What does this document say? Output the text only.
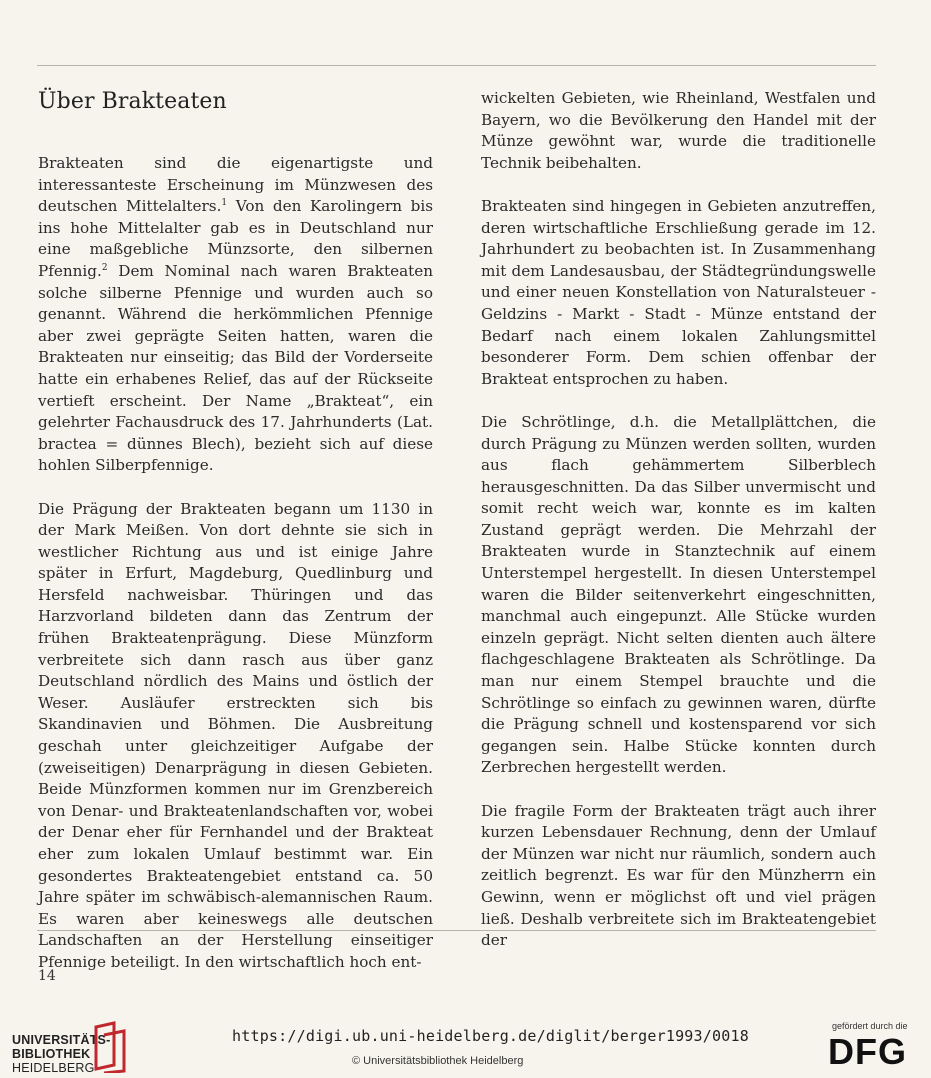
Über Brakteaten

Brakteaten sind die eigenartigste und interessanteste Erscheinung im Münzwesen des deutschen Mittelalters.$^1$ Von den Karolingern bis ins hohe Mittelalter gab es in Deutschland nur eine maßgebliche Münzsorte, den silbernen Pfennig.$^2$ Dem Nominal nach waren Brakteaten solche silberne Pfennige und wurden auch so genannt. Während die herkömmlichen Pfennige aber zwei geprägte Seiten hatten, waren die Brakteaten nur einseitig; das Bild der Vorderseite hatte ein erhabenes Relief, das auf der Rückseite vertieft erscheint. Der Name „Brakteat“, ein gelehrter Fachausdruck des 17. Jahrhunderts (Lat. bractea = dünnes Blech), bezieht sich auf diese hohlen Silberpfennige.

Die Prägung der Brakteaten begann um 1130 in der Mark Meißen. Von dort dehnte sie sich in westlicher Richtung aus und ist einige Jahre später in Erfurt, Magdeburg, Quedlinburg und Hersfeld nachweisbar. Thüringen und das Harzvorland bildeten dann das Zentrum der frühen Brakteatenprägung. Diese Münzform verbreitete sich dann rasch aus über ganz Deutschland nördlich des Mains und östlich der Weser. Ausläufer erstreckten sich bis Skandinavien und Böhmen. Die Ausbreitung geschah unter gleichzeitiger Aufgabe der (zweiseitigen) Denarprägung in diesen Gebieten. Beide Münzformen kommen nur im Grenzbereich von Denar- und Brakteatenlandschaften vor, wobei der Denar eher für Fernhandel und der Brakteat eher zum lokalen Umlauf bestimmt war. Ein gesondertes Brakteatengebiet entstand ca. 50 Jahre später im schwäbisch-alemannischen Raum. Es waren aber keineswegs alle deutschen Landschaften an der Herstellung einseitiger Pfennige beteiligt. In den wirtschaftlich hoch ent-

wickelten Gebieten, wie Rheinland, Westfalen und Bayern, wo die Bevölkerung den Handel mit der Münze gewöhnt war, wurde die traditionelle Technik beibehalten.

Brakteaten sind hingegen in Gebieten anzutreffen, deren wirtschaftliche Erschließung gerade im 12. Jahrhundert zu beobachten ist. In Zusammenhang mit dem Landesausbau, der Städtegründungswelle und einer neuen Konstellation von Naturalsteuer - Geldzins - Markt - Stadt - Münze entstand der Bedarf nach einem lokalen Zahlungsmittel besonderer Form. Dem schien offenbar der Brakteat entsprochen zu haben.

Die Schrötlinge, d.h. die Metallplättchen, die durch Prägung zu Münzen werden sollten, wurden aus flach gehämmertem Silberblech herausgeschnitten. Da das Silber unvermischt und somit recht weich war, konnte es im kalten Zustand geprägt werden. Die Mehrzahl der Brakteaten wurde in Stanztechnik auf einem Unterstempel hergestellt. In diesen Unterstempel waren die Bilder seitenverkehrt eingeschnitten, manchmal auch eingepunzt. Alle Stücke wurden einzeln geprägt. Nicht selten dienten auch ältere flachgeschlagene Brakteaten als Schrötlinge. Da man nur einem Stempel brauchte und die Schrötlinge so einfach zu gewinnen waren, dürfte die Prägung schnell und kostensparend vor sich gegangen sein. Halbe Stücke konnten durch Zerbrechen hergestellt werden.

Die fragile Form der Brakteaten trägt auch ihrer kurzen Lebensdauer Rechnung, denn der Umlauf der Münzen war nicht nur räumlich, sondern auch zeitlich begrenzt. Es war für den Münzherrn ein Gewinn, wenn er möglichst oft und viel prägen ließ. Deshalb verbreitete sich im Brakteatengebiet der

14
UNIVERSITÄTS-
BIBLIOTHEK
HEIDELBERG
https://digi.ub.uni-heidelberg.de/diglit/berger1993/0018
© Universitätsbibliothek Heidelberg
gefördert durch die
DFG
